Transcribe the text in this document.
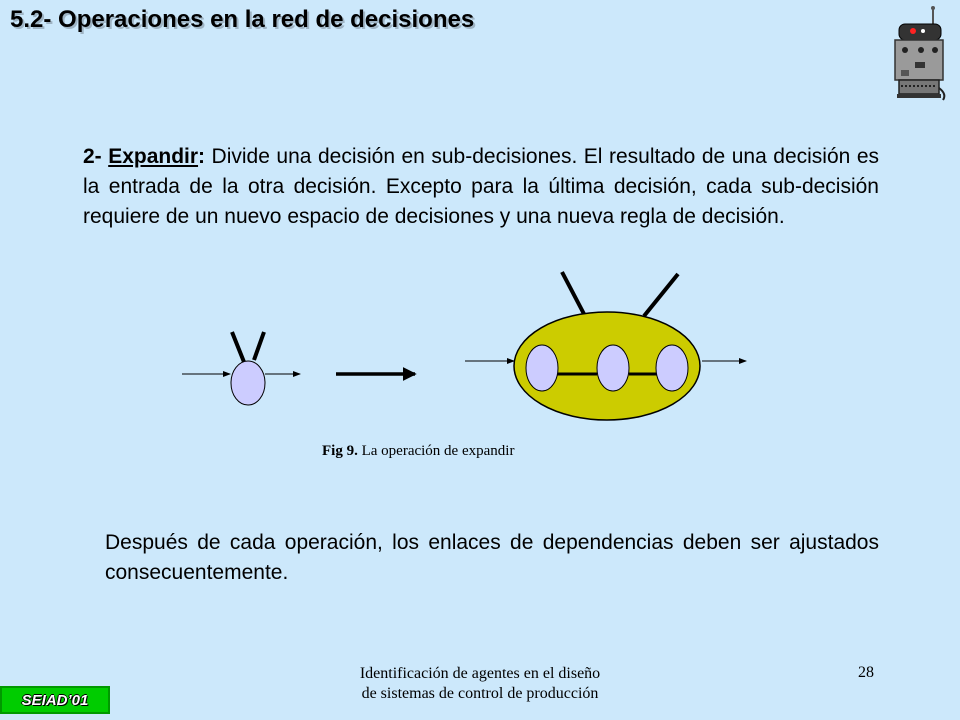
5.2- Operaciones en la red de decisiones

2- Expandir: Divide una decisión en sub-decisiones. El resultado de una decisión es la entrada de la otra decisión. Excepto para la última decisión, cada sub-decisión requiere de un nuevo espacio de decisiones y una nueva regla de decisión.

Fig 9. La operación de expandir

Después de cada operación, los enlaces de dependencias deben ser ajustados consecuentemente.

Identificación de agentes en el diseño
de sistemas de control de producción
28
SEIAD’01
